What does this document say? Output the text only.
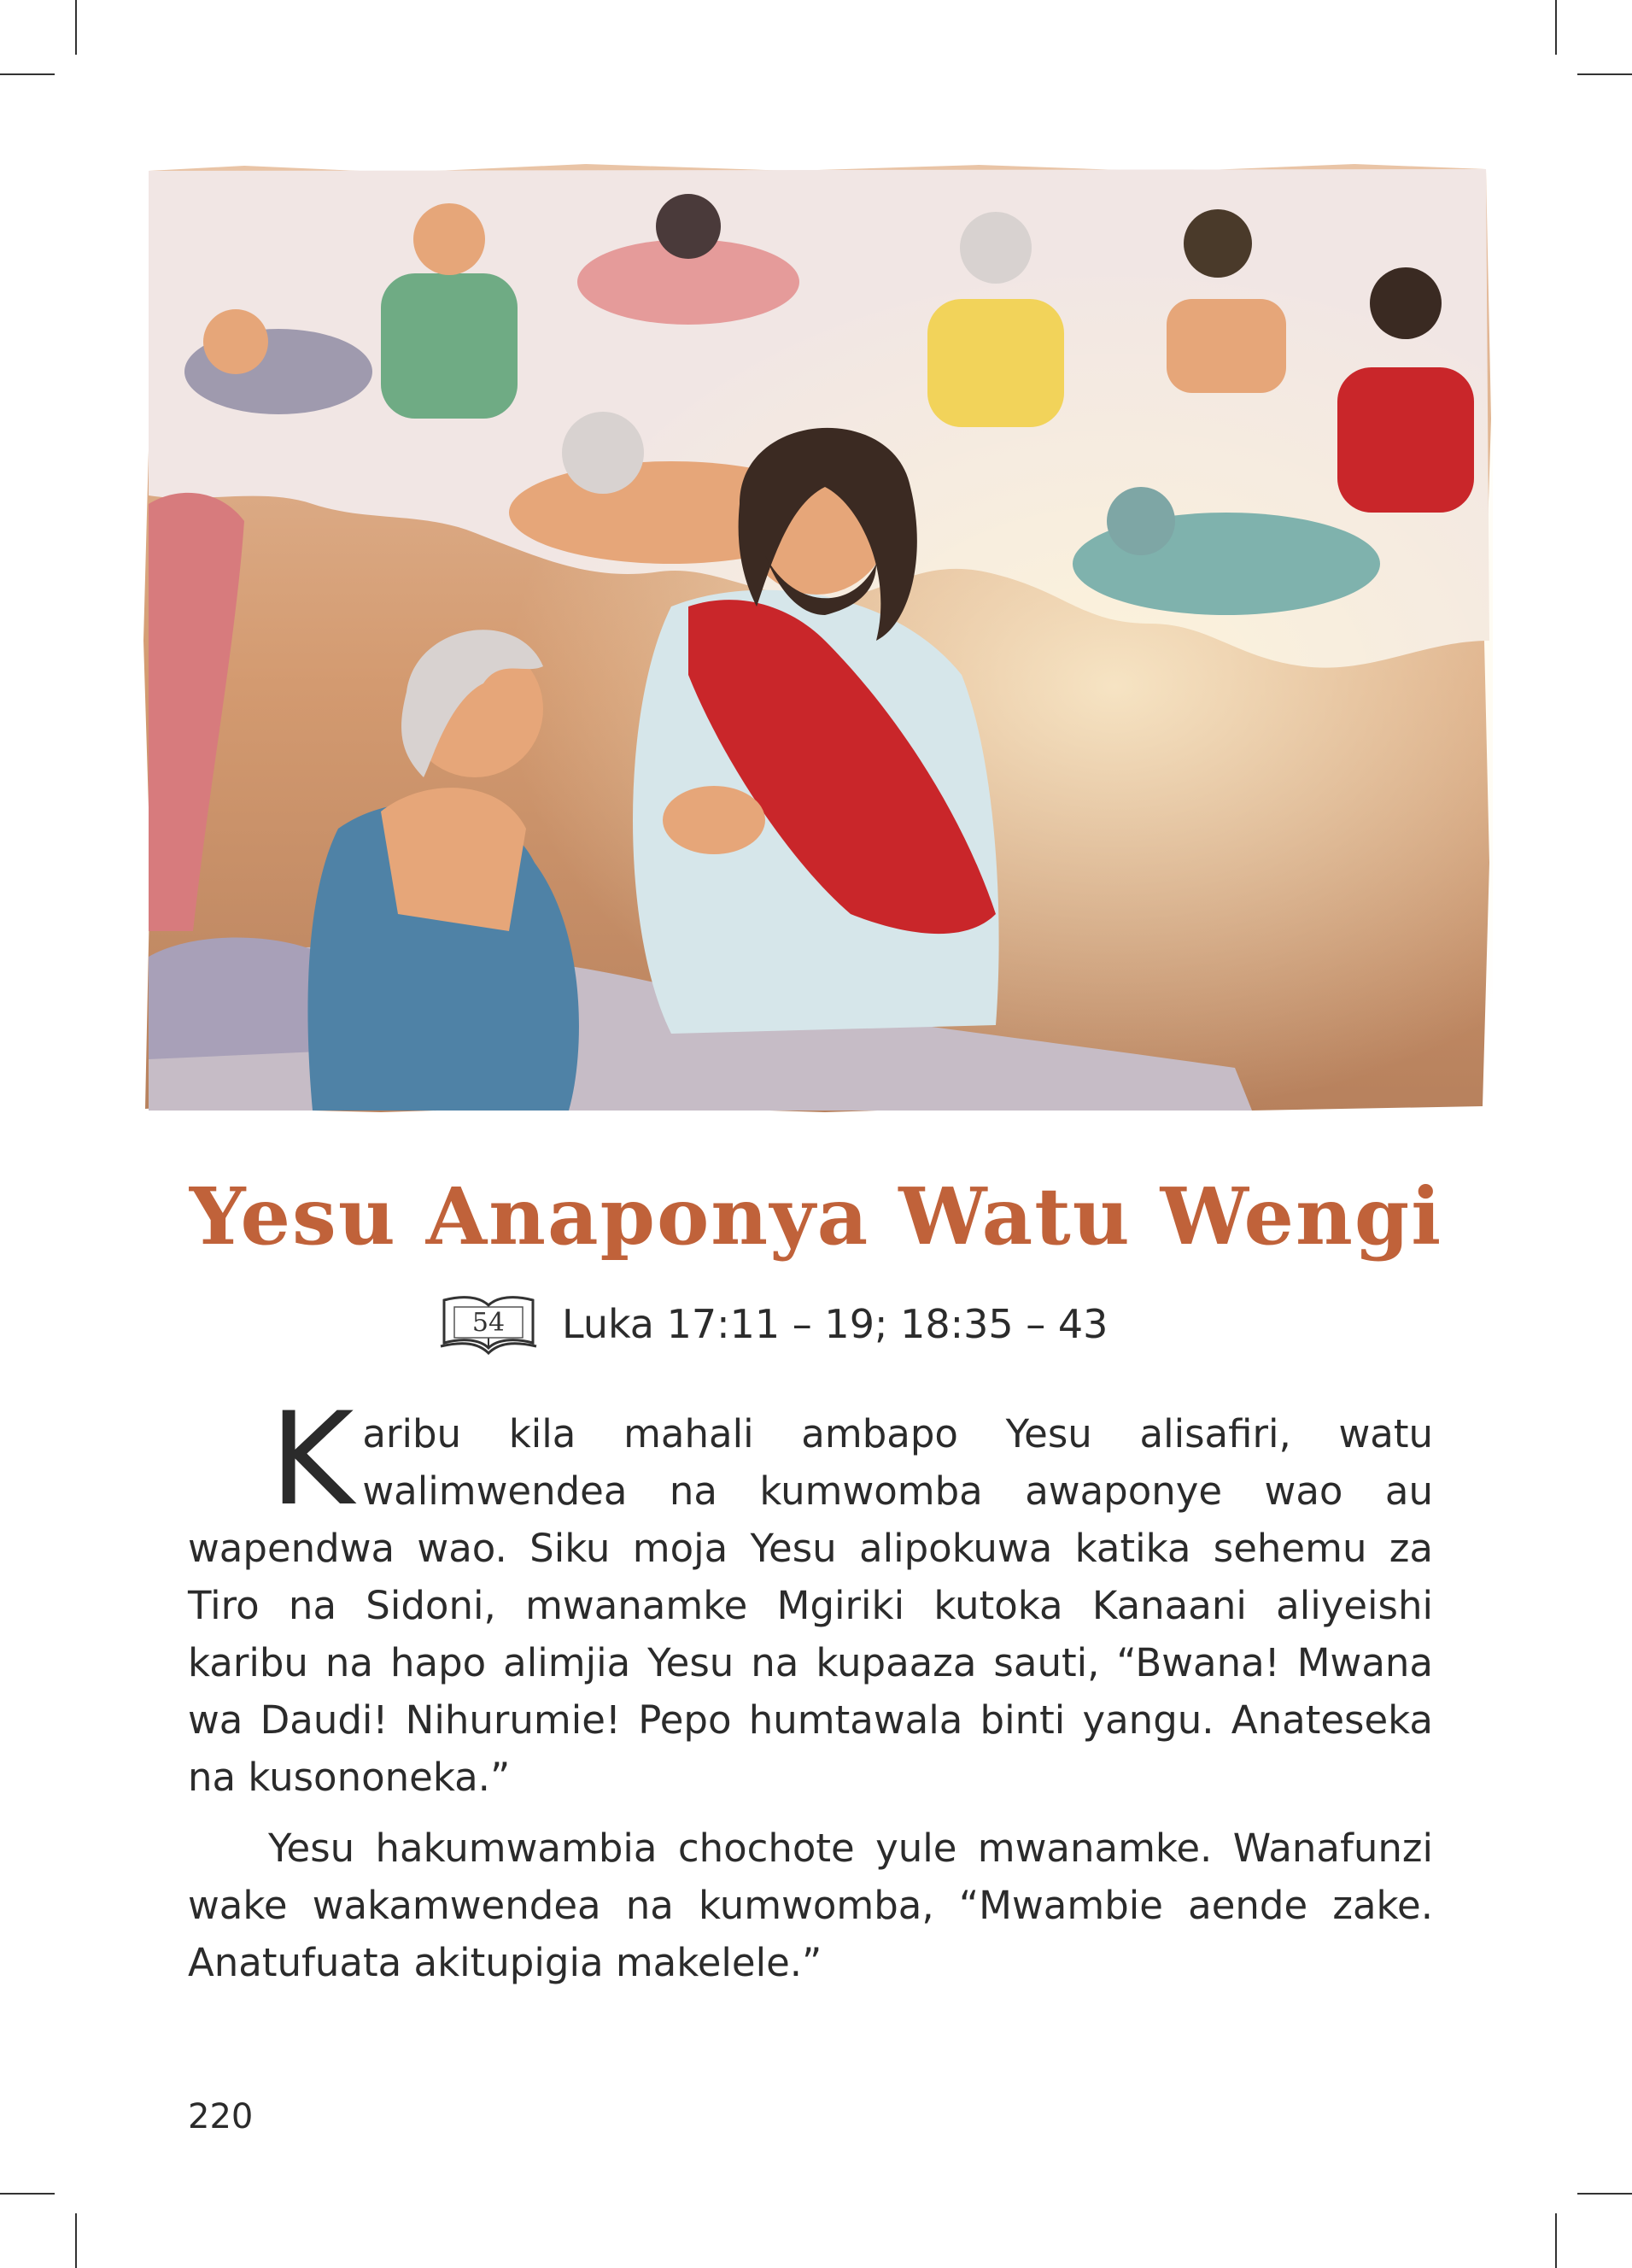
Yesu Anaponya Watu Wengi
54 Luka 17:11 – 19; 18:35 – 43

Karibu kila mahali ambapo Yesu alisafiri, watu walimwendea na kumwomba awaponye wao au wapendwa wao. Siku moja Yesu alipokuwa katika sehemu za Tiro na Sidoni, mwanamke Mgiriki kutoka Kanaani aliyeishi karibu na hapo alimjia Yesu na kupaaza sauti, “Bwana! Mwana wa Daudi! Nihurumie! Pepo humtawala binti yangu. Anateseka na kusononeka.”

Yesu hakumwambia chochote yule mwanamke. Wanafunzi wake wakamwendea na kumwomba, “Mwambie aende zake. Anatufuata akitupigia makelele.”

220
